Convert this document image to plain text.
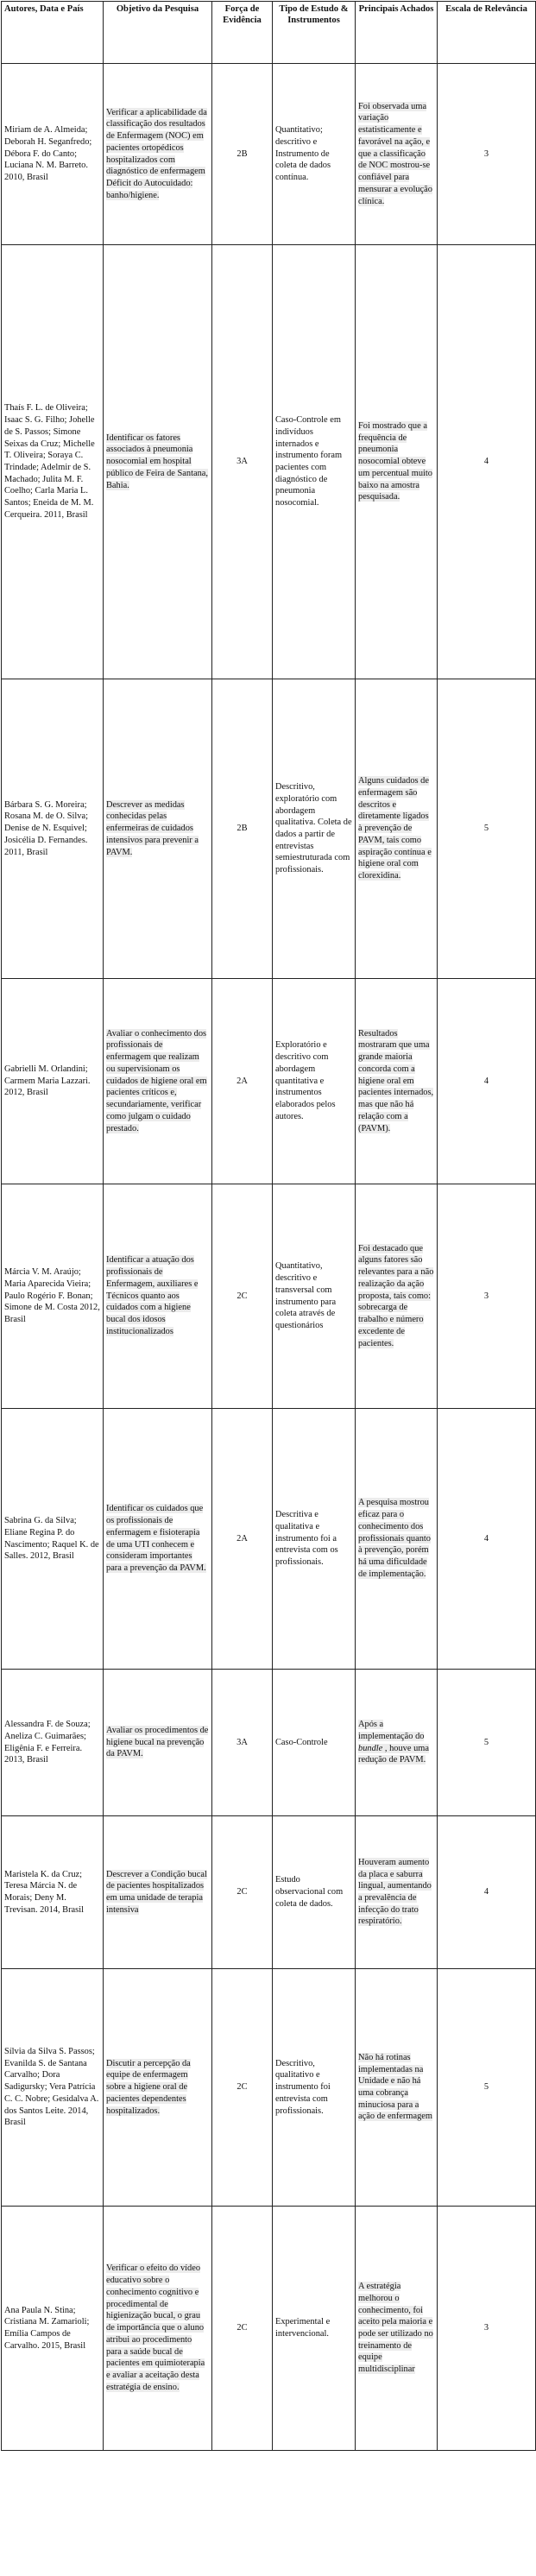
Autores, Data e País	Objetivo da Pesquisa	Força de Evidência	Tipo de Estudo & Instrumentos	Principais Achados	Escala de Relevância
Miriam de A. Almeida; Deborah H. Seganfredo; Débora F. do Canto; Luciana N. M. Barreto. 2010, Brasil	Verificar a aplicabilidade da classificação dos resultados de Enfermagem (NOC) em pacientes ortopédicos hospitalizados com diagnóstico de enfermagem Déficit do Autocuidado: banho/higiene.	2B	Quantitativo; descritivo e Instrumento de coleta de dados contínua.	Foi observada uma variação estatisticamente e favorável na ação, e que a classificação de NOC mostrou-se confiável para mensurar a evolução clínica.	3
Thaís F. L. de Oliveira; Isaac S. G. Filho; Johelle de S. Passos; Simone Seixas da Cruz; Michelle T. Oliveira; Soraya C. Trindade; Adelmir de S. Machado; Julita M. F. Coelho; Carla Maria L. Santos; Eneida de M. M. Cerqueira. 2011, Brasil	Identificar os fatores associados à pneumonia nosocomial em hospital público de Feira de Santana, Bahia.	3A	Caso-Controle em indivíduos internados e instrumento foram pacientes com diagnóstico de pneumonia nosocomial.	Foi mostrado que a frequência de pneumonia nosocomial obteve um percentual muito baixo na amostra pesquisada.	4
Bárbara S. G. Moreira; Rosana M. de O. Silva; Denise de N. Esquivel; Josicélia D. Fernandes. 2011, Brasil	Descrever as medidas conhecidas pelas enfermeiras de cuidados intensivos para prevenir a PAVM.	2B	Descritivo, exploratório com abordagem qualitativa. Coleta de dados a partir de entrevistas semiestruturada com profissionais.	Alguns cuidados de enfermagem são descritos e diretamente ligados à prevenção de PAVM, tais como aspiração contínua e higiene oral com clorexidina.	5
Gabrielli M. Orlandini; Carmem Maria Lazzari. 2012, Brasil	Avaliar o conhecimento dos profissionais de enfermagem que realizam ou supervisionam os cuidados de higiene oral em pacientes críticos e, secundariamente, verificar como julgam o cuidado prestado.	2A	Exploratório e descritivo com abordagem quantitativa e instrumentos elaborados pelos autores.	Resultados mostraram que uma grande maioria concorda com a higiene oral em pacientes internados, mas que não há relação com a (PAVM).	4
Márcia V. M. Araújo; Maria Aparecida Vieira; Paulo Rogério F. Bonan; Simone de M. Costa 2012, Brasil	Identificar a atuação dos profissionais de Enfermagem, auxiliares e Técnicos quanto aos cuidados com a higiene bucal dos idosos institucionalizados	2C	Quantitativo, descritivo e transversal com instrumento para coleta através de questionários	Foi destacado que alguns fatores são relevantes para a não realização da ação proposta, tais como: sobrecarga de trabalho e número excedente de pacientes.	3
Sabrina G. da Silva; Eliane Regina P. do Nascimento; Raquel K. de Salles. 2012, Brasil	Identificar os cuidados que os profissionais de enfermagem e fisioterapia de uma UTI conhecem e consideram importantes para a prevenção da PAVM.	2A	Descritiva e qualitativa e instrumento foi a entrevista com os profissionais.	A pesquisa mostrou eficaz para o conhecimento dos profissionais quanto à prevenção, porém há uma dificuldade de implementação.	4
Alessandra F. de Souza; Aneliza C. Guimarães; Eligênia F. e Ferreira. 2013, Brasil	Avaliar os procedimentos de higiene bucal na prevenção da PAVM.	3A	Caso-Controle	Após a implementação do bundle , houve uma redução de PAVM.	5
Maristela K. da Cruz; Teresa Márcia N. de Morais; Deny M. Trevisan. 2014, Brasil	Descrever a Condição bucal de pacientes hospitalizados em uma unidade de terapia intensiva	2C	Estudo observacional com coleta de dados.	Houveram aumento da placa e saburra lingual, aumentando a prevalência de infecção do trato respiratório.	4
Sílvia da Silva S. Passos; Evanilda S. de Santana Carvalho; Dora Sadigursky; Vera Patrícia C. C. Nobre; Gesidalva A. dos Santos Leite. 2014, Brasil	Discutir a percepção da equipe de enfermagem sobre a higiene oral de pacientes dependentes hospitalizados.	2C	Descritivo, qualitativo e instrumento foi entrevista com profissionais.	Não há rotinas implementadas na Unidade e não há uma cobrança minuciosa para a ação de enfermagem	5
Ana Paula N. Stina; Cristiana M. Zamarioli; Emília Campos de Carvalho. 2015, Brasil	Verificar o efeito do vídeo educativo sobre o conhecimento cognitivo e procedimental de higienização bucal, o grau de importância que o aluno atribui ao procedimento para a saúde bucal de pacientes em quimioterapia e avaliar a aceitação desta estratégia de ensino.	2C	Experimental e intervencional.	A estratégia melhorou o conhecimento, foi aceito pela maioria e pode ser utilizado no treinamento de equipe multidisciplinar	3
